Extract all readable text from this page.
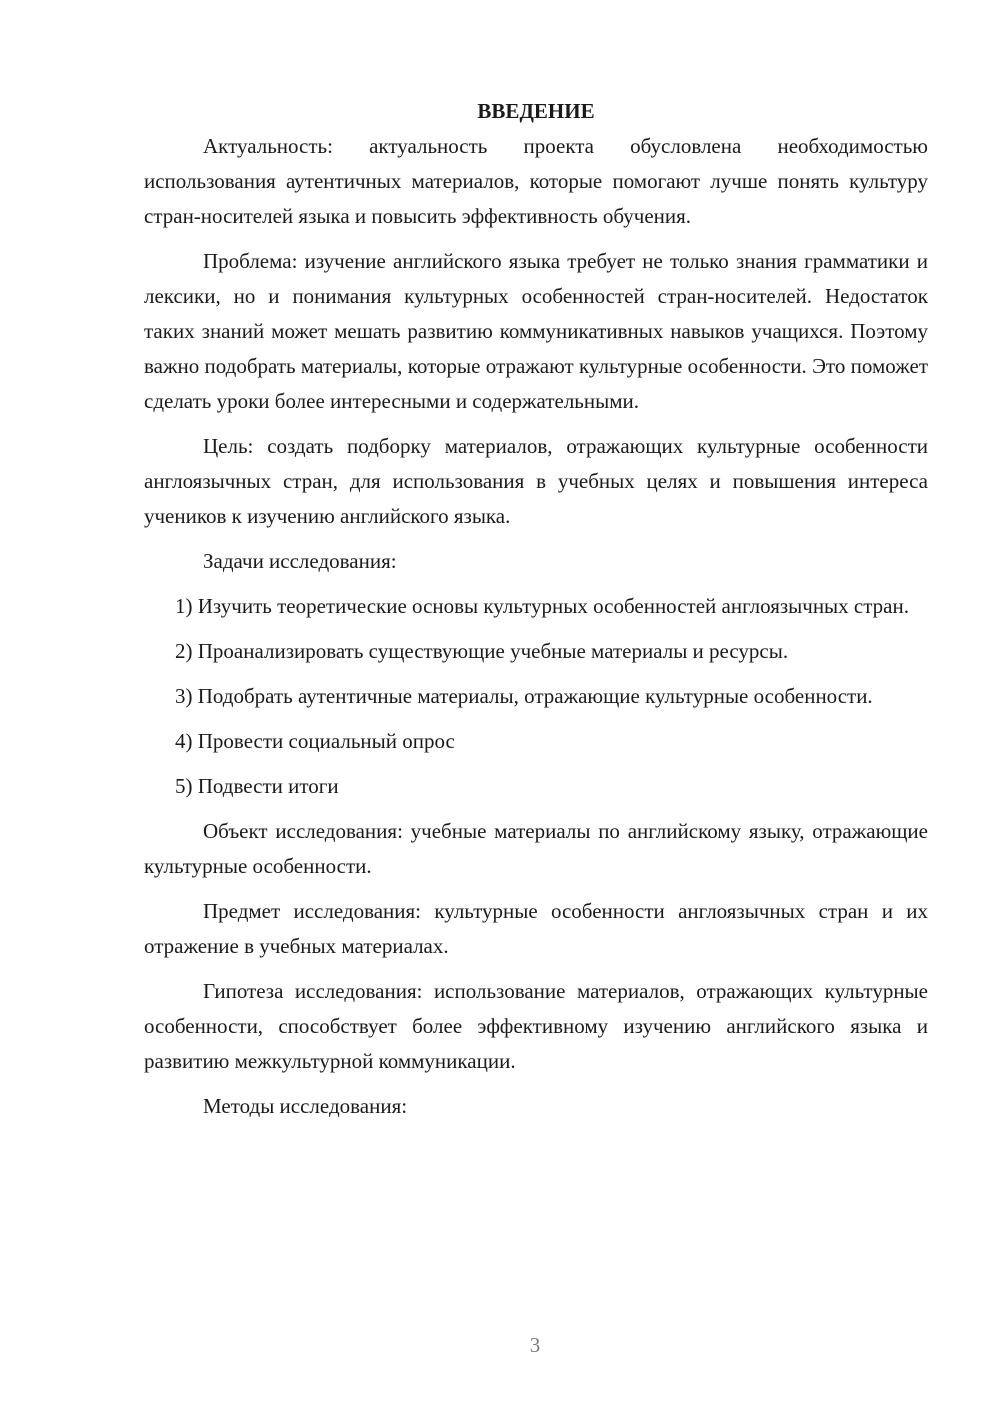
ВВЕДЕНИЕ

Актуальность: актуальность проекта обусловлена необходимостью использования аутентичных материалов, которые помогают лучше понять культуру стран-носителей языка и повысить эффективность обучения.

Проблема: изучение английского языка требует не только знания грамматики и лексики, но и понимания культурных особенностей стран-носителей. Недостаток таких знаний может мешать развитию коммуникативных навыков учащихся. Поэтому важно подобрать материалы, которые отражают культурные особенности. Это поможет сделать уроки более интересными и содержательными.

Цель: создать подборку материалов, отражающих культурные особенности англоязычных стран, для использования в учебных целях и повышения интереса учеников к изучению английского языка.

Задачи исследования:

1) Изучить теоретические основы культурных особенностей англоязычных стран.

2) Проанализировать существующие учебные материалы и ресурсы.

3) Подобрать аутентичные материалы, отражающие культурные особенности.

4) Провести социальный опрос

5) Подвести итоги

Объект исследования: учебные материалы по английскому языку, отражающие культурные особенности.

Предмет исследования: культурные особенности англоязычных стран и их отражение в учебных материалах.

Гипотеза исследования: использование материалов, отражающих культурные особенности, способствует более эффективному изучению английского языка и развитию межкультурной коммуникации.

Методы исследования:

3
